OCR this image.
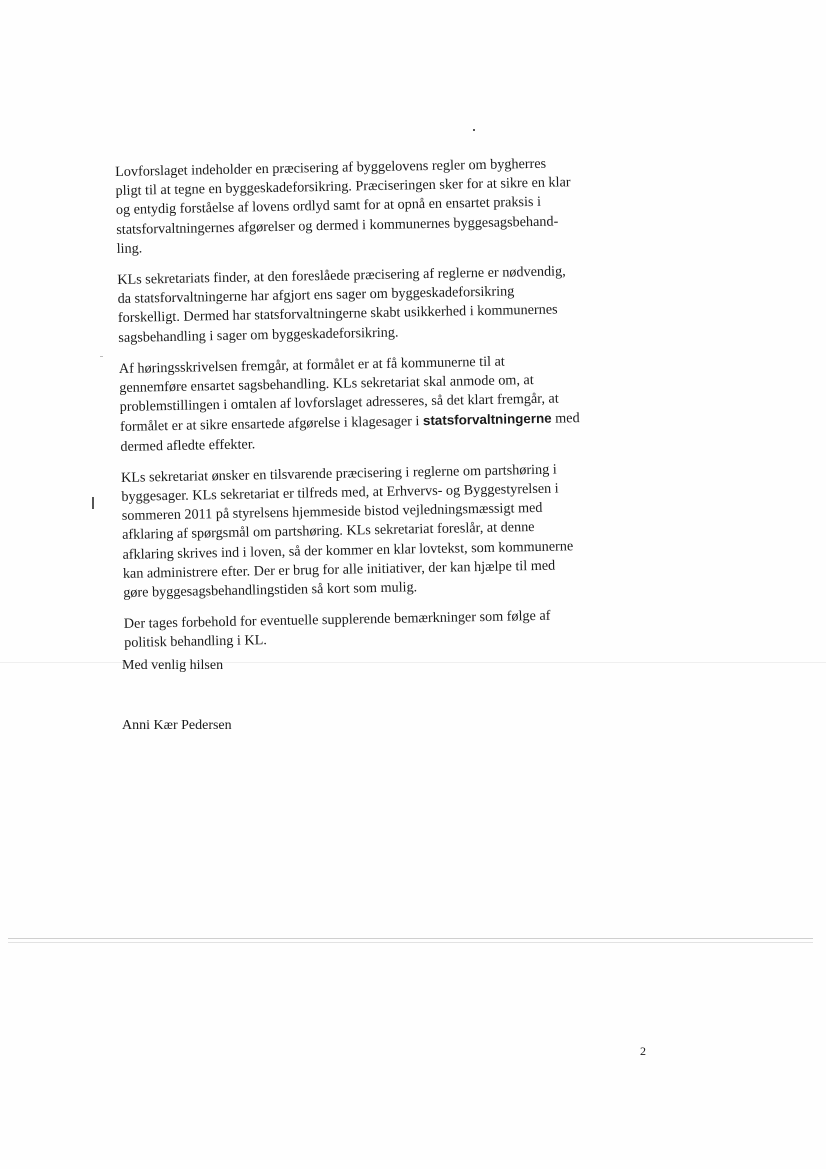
Lovforslaget indeholder en præcisering af byggelovens regler om bygherres
pligt til at tegne en byggeskadeforsikring. Præciseringen sker for at sikre en klar
og entydig forståelse af lovens ordlyd samt for at opnå en ensartet praksis i
statsforvaltningernes afgørelser og dermed i kommunernes byggesagsbehand-
ling.

KLs sekretariats finder, at den foreslåede præcisering af reglerne er nødvendig,
da statsforvaltningerne har afgjort ens sager om byggeskadeforsikring
forskelligt. Dermed har statsforvaltningerne skabt usikkerhed i kommunernes
sagsbehandling i sager om byggeskadeforsikring.

Af høringsskrivelsen fremgår, at formålet er at få kommunerne til at
gennemføre ensartet sagsbehandling. KLs sekretariat skal anmode om, at
problemstillingen i omtalen af lovforslaget adresseres, så det klart fremgår, at
formålet er at sikre ensartede afgørelse i klagesager i statsforvaltningerne med
dermed afledte effekter.

KLs sekretariat ønsker en tilsvarende præcisering i reglerne om partshøring i
byggesager. KLs sekretariat er tilfreds med, at Erhvervs- og Byggestyrelsen i
sommeren 2011 på styrelsens hjemmeside bistod vejledningsmæssigt med
afklaring af spørgsmål om partshøring. KLs sekretariat foreslår, at denne
afklaring skrives ind i loven, så der kommer en klar lovtekst, som kommunerne
kan administrere efter. Der er brug for alle initiativer, der kan hjælpe til med
gøre byggesagsbehandlingstiden så kort som mulig.

Der tages forbehold for eventuelle supplerende bemærkninger som følge af
politisk behandling i KL.

Med venlig hilsen
Anni Kær Pedersen
2
